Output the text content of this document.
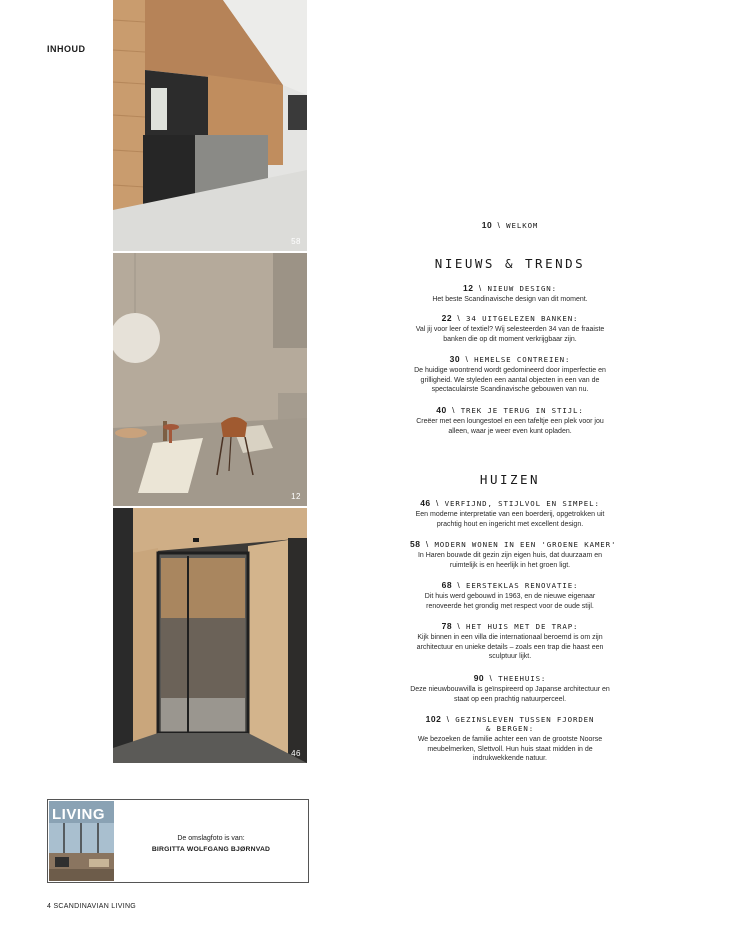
INHOUD
58
12
46
10 \ WELKOM
NIEUWS & TRENDS
12 \ NIEUW DESIGN:
Het beste Scandinavische design van dit moment.
22 \ 34 UITGELEZEN BANKEN:
Val jij voor leer of textiel? Wij selesteerden 34 van de fraaiste banken die op dit moment verkrijgbaar zijn.
30 \ HEMELSE CONTREIEN:
De huidige woontrend wordt gedomineerd door imperfectie en grilligheid. We styleden een aantal objecten in een van de spectaculairste Scandinavische gebouwen van nu.
40 \ TREK JE TERUG IN STIJL:
Creëer met een loungestoel en een tafeltje een plek voor jou alleen, waar je weer even kunt opladen.
HUIZEN
46 \ VERFIJND, STIJLVOL EN SIMPEL:
Een moderne interpretatie van een boerderij, opgetrokken uit prachtig hout en ingericht met excellent design.
58 \ MODERN WONEN IN EEN 'GROENE KAMER'
In Haren bouwde dit gezin zijn eigen huis, dat duurzaam en ruimtelijk is en heerlijk in het groen ligt.
68 \ EERSTEKLAS RENOVATIE:
Dit huis werd gebouwd in 1963, en de nieuwe eigenaar renoveerde het grondig met respect voor de oude stijl.
78 \ HET HUIS MET DE TRAP:
Kijk binnen in een villa die internationaal beroemd is om zijn architectuur en unieke details – zoals een trap die haast een sculptuur lijkt.
90 \ THEEHUIS:
Deze nieuwbouwvilla is geïnspireerd op Japanse architectuur en staat op een prachtig natuurperceel.
102 \ GEZINSLEVEN TUSSEN FJORDEN
& BERGEN:
We bezoeken de familie achter een van de grootste Noorse meubelmerken, Slettvoll. Hun huis staat midden in de indrukwekkende natuur.
LIVING
De omslagfoto is van:
BIRGITTA WOLFGANG BJØRNVAD
4 SCANDINAVIAN LIVING
